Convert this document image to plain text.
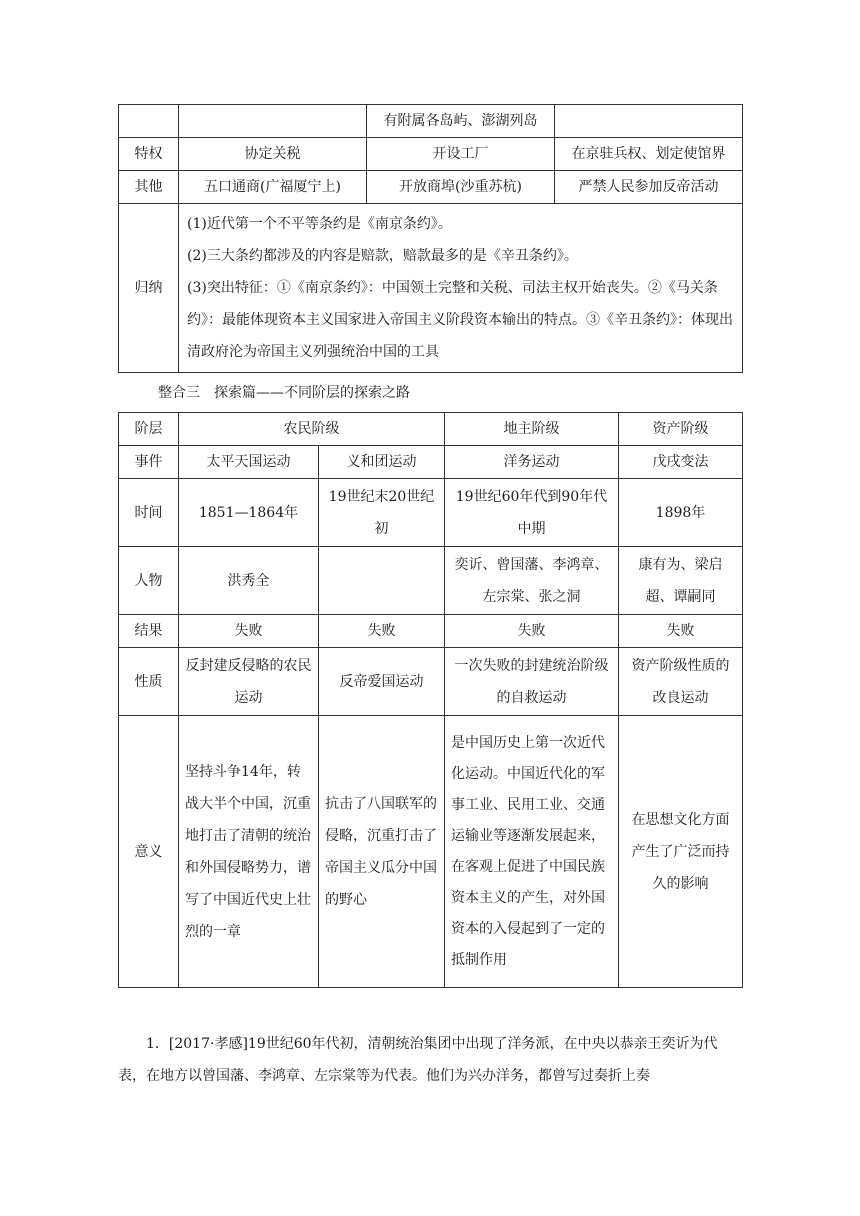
		有附属各岛屿、澎湖列岛	
特权	协定关税	开设工厂	在京驻兵权、划定使馆界
其他	五口通商(广福厦宁上)	开放商埠(沙重苏杭)	严禁人民参加反帝活动
归纳	(1)近代第一个不平等条约是《南京条约》。

(2)三大条约都涉及的内容是赔款，赔款最多的是《辛丑条约》。

(3)突出特征：①《南京条约》：中国领土完整和关税、司法主权开始丧失。②《马关条约》：最能体现资本主义国家进入帝国主义阶段资本输出的特点。③《辛丑条约》：体现出清政府沦为帝国主义列强统治中国的工具		

整合三　探索篇——不同阶层的探索之路
阶层	农民阶级		地主阶级	资产阶级
事件	太平天国运动	义和团运动	洋务运动	戊戌变法
时间	1851—1864年	19世纪末20世纪初	19世纪60年代到90年代中期	1898年
人物	洪秀全		奕䜣、曾国藩、李鸿章、左宗棠、张之洞	康有为、梁启超、谭嗣同
结果	失败	失败	失败	失败
性质	反封建反侵略的农民运动	反帝爱国运动	一次失败的封建统治阶级的自救运动	资产阶级性质的改良运动
意义	坚持斗争14年，转战大半个中国，沉重地打击了清朝的统治和外国侵略势力，谱写了中国近代史上壮烈的一章	抗击了八国联军的侵略，沉重打击了帝国主义瓜分中国的野心	是中国历史上第一次近代化运动。中国近代化的军事工业、民用工业、交通运输业等逐渐发展起来，在客观上促进了中国民族资本主义的产生，对外国资本的入侵起到了一定的抵制作用	在思想文化方面产生了广泛而持久的影响
1．[2017·孝感]19世纪60年代初，清朝统治集团中出现了洋务派，在中央以恭亲王奕䜣为代表，在地方以曾国藩、李鸿章、左宗棠等为代表。他们为兴办洋务，都曾写过奏折上奏
